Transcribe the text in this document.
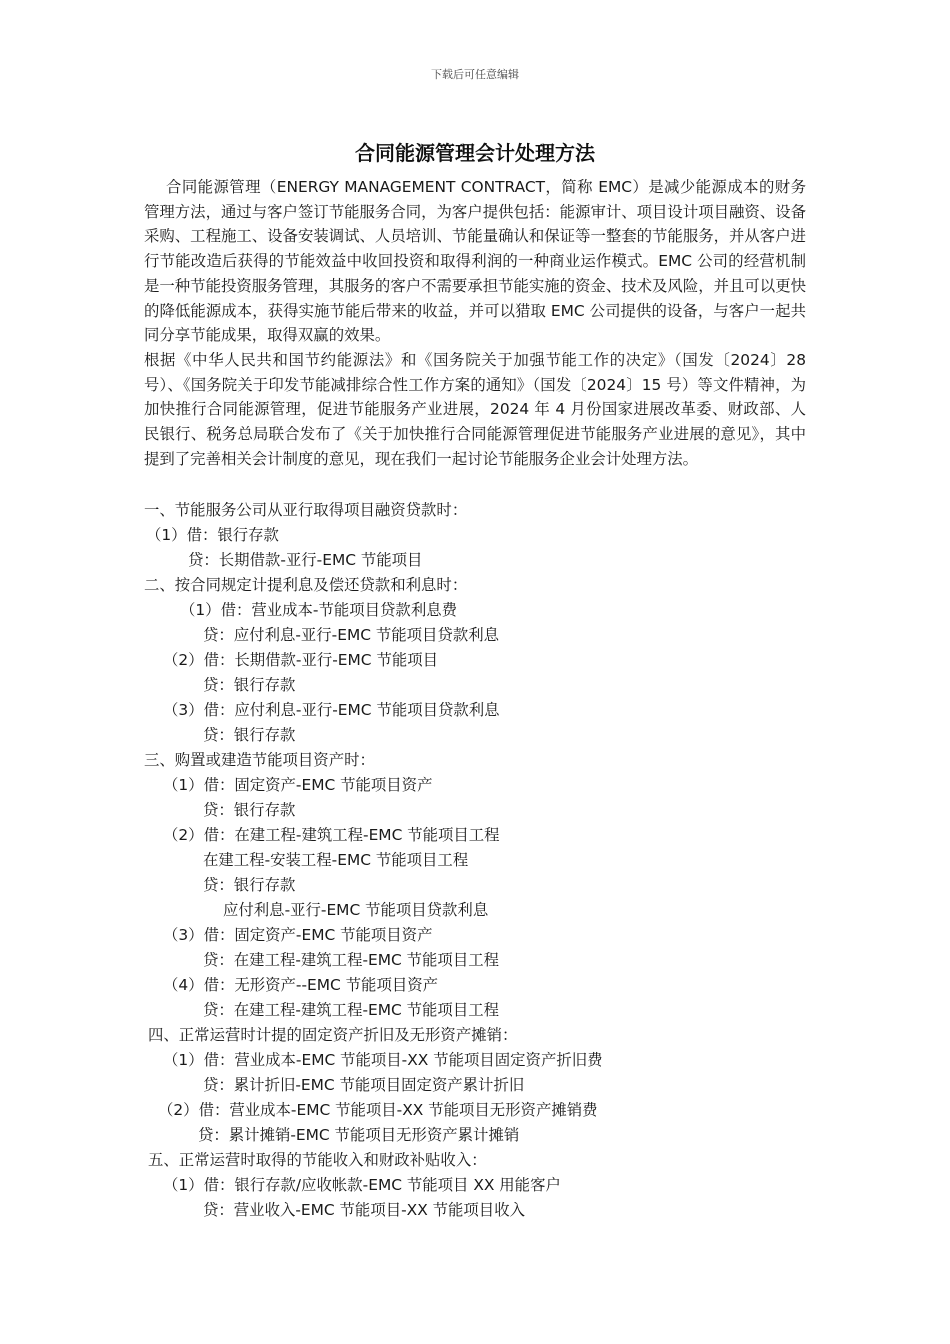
下载后可任意编辑
合同能源管理会计处理方法

合同能源管理（ENERGY MANAGEMENT CONTRACT，简称 EMC）是减少能源成本的财务管理方法，通过与客户签订节能服务合同，为客户提供包括：能源审计、项目设计项目融资、设备采购、工程施工、设备安装调试、人员培训、节能量确认和保证等一整套的节能服务，并从客户进行节能改造后获得的节能效益中收回投资和取得利润的一种商业运作模式。EMC 公司的经营机制是一种节能投资服务管理，其服务的客户不需要承担节能实施的资金、技术及风险，并且可以更快的降低能源成本，获得实施节能后带来的收益，并可以猎取 EMC 公司提供的设备，与客户一起共同分享节能成果，取得双赢的效果。

根据《中华人民共和国节约能源法》和《国务院关于加强节能工作的决定》（国发〔2024〕28 号）、《国务院关于印发节能减排综合性工作方案的通知》（国发〔2024〕15 号）等文件精神，为加快推行合同能源管理，促进节能服务产业进展，2024 年 4 月份国家进展改革委、财政部、人民银行、税务总局联合发布了《关于加快推行合同能源管理促进节能服务产业进展的意见》，其中提到了完善相关会计制度的意见，现在我们一起讨论节能服务企业会计处理方法。

一、节能服务公司从亚行取得项目融资贷款时：
（1）借：银行存款
贷：长期借款-亚行-EMC 节能项目
二、按合同规定计提利息及偿还贷款和利息时：
（1）借：营业成本-节能项目贷款利息费
贷：应付利息-亚行-EMC 节能项目贷款利息
（2）借：长期借款-亚行-EMC 节能项目
贷：银行存款
（3）借：应付利息-亚行-EMC 节能项目贷款利息
贷：银行存款
三、购置或建造节能项目资产时：
（1）借：固定资产-EMC 节能项目资产
贷：银行存款
（2）借：在建工程-建筑工程-EMC 节能项目工程
在建工程-安装工程-EMC 节能项目工程
贷：银行存款
应付利息-亚行-EMC 节能项目贷款利息
（3）借：固定资产-EMC 节能项目资产
贷：在建工程-建筑工程-EMC 节能项目工程
（4）借：无形资产--EMC 节能项目资产
贷：在建工程-建筑工程-EMC 节能项目工程
四、正常运营时计提的固定资产折旧及无形资产摊销：
（1）借：营业成本-EMC 节能项目-XX 节能项目固定资产折旧费
贷：累计折旧-EMC 节能项目固定资产累计折旧
（2）借：营业成本-EMC 节能项目-XX 节能项目无形资产摊销费
贷：累计摊销-EMC 节能项目无形资产累计摊销
五、正常运营时取得的节能收入和财政补贴收入：
（1）借：银行存款/应收帐款-EMC 节能项目 XX 用能客户
贷：营业收入-EMC 节能项目-XX 节能项目收入
